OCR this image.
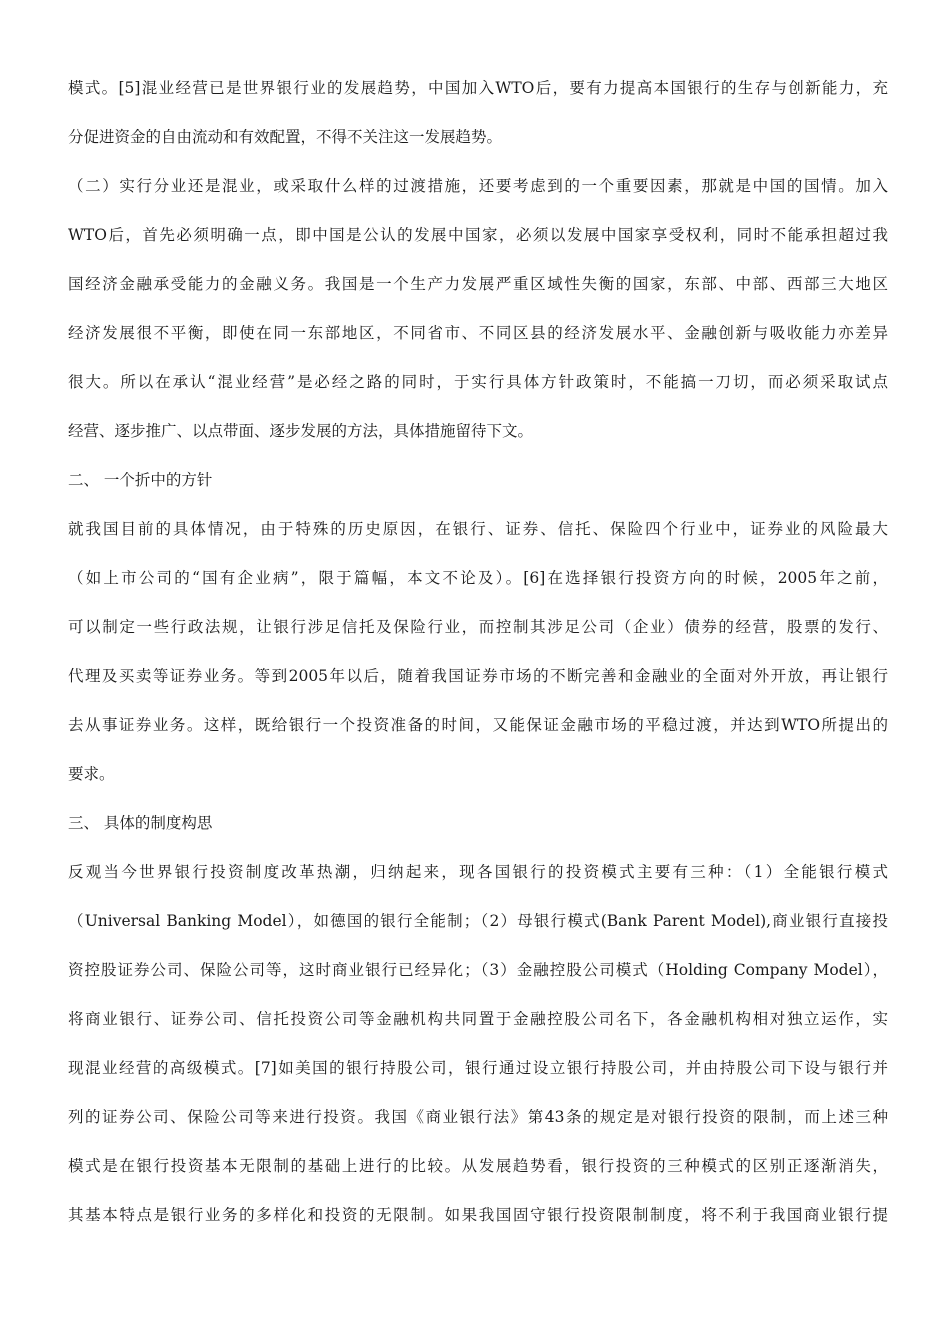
模式。[5]混业经营已是世界银行业的发展趋势，中国加入WTO后，要有力提高本国银行的生存与创新能力，充
分促进资金的自由流动和有效配置，不得不关注这一发展趋势。
（二）实行分业还是混业，或采取什么样的过渡措施，还要考虑到的一个重要因素，那就是中国的国情。加入
WTO后，首先必须明确一点，即中国是公认的发展中国家，必须以发展中国家享受权利，同时不能承担超过我
国经济金融承受能力的金融义务。我国是一个生产力发展严重区域性失衡的国家，东部、中部、西部三大地区
经济发展很不平衡，即使在同一东部地区，不同省市、不同区县的经济发展水平、金融创新与吸收能力亦差异
很大。所以在承认“混业经营”是必经之路的同时，于实行具体方针政策时，不能搞一刀切，而必须采取试点
经营、逐步推广、以点带面、逐步发展的方法，具体措施留待下文。
二、 一个折中的方针
就我国目前的具体情况，由于特殊的历史原因，在银行、证券、信托、保险四个行业中，证券业的风险最大
（如上市公司的“国有企业病”，限于篇幅，本文不论及）。[6]在选择银行投资方向的时候，2005年之前，
可以制定一些行政法规，让银行涉足信托及保险行业，而控制其涉足公司（企业）债券的经营，股票的发行、
代理及买卖等证券业务。等到2005年以后，随着我国证券市场的不断完善和金融业的全面对外开放，再让银行
去从事证券业务。这样，既给银行一个投资准备的时间，又能保证金融市场的平稳过渡，并达到WTO所提出的
要求。
三、 具体的制度构思
反观当今世界银行投资制度改革热潮，归纳起来，现各国银行的投资模式主要有三种：（1）全能银行模式
（Universal Banking Model），如德国的银行全能制；（2）母银行模式(Bank Parent Model),商业银行直接投
资控股证券公司、保险公司等，这时商业银行已经异化；（3）金融控股公司模式（Holding Company Model），
将商业银行、证券公司、信托投资公司等金融机构共同置于金融控股公司名下，各金融机构相对独立运作，实
现混业经营的高级模式。[7]如美国的银行持股公司，银行通过设立银行持股公司，并由持股公司下设与银行并
列的证券公司、保险公司等来进行投资。我国《商业银行法》第43条的规定是对银行投资的限制，而上述三种
模式是在银行投资基本无限制的基础上进行的比较。从发展趋势看，银行投资的三种模式的区别正逐渐消失，
其基本特点是银行业务的多样化和投资的无限制。如果我国固守银行投资限制制度，将不利于我国商业银行提
